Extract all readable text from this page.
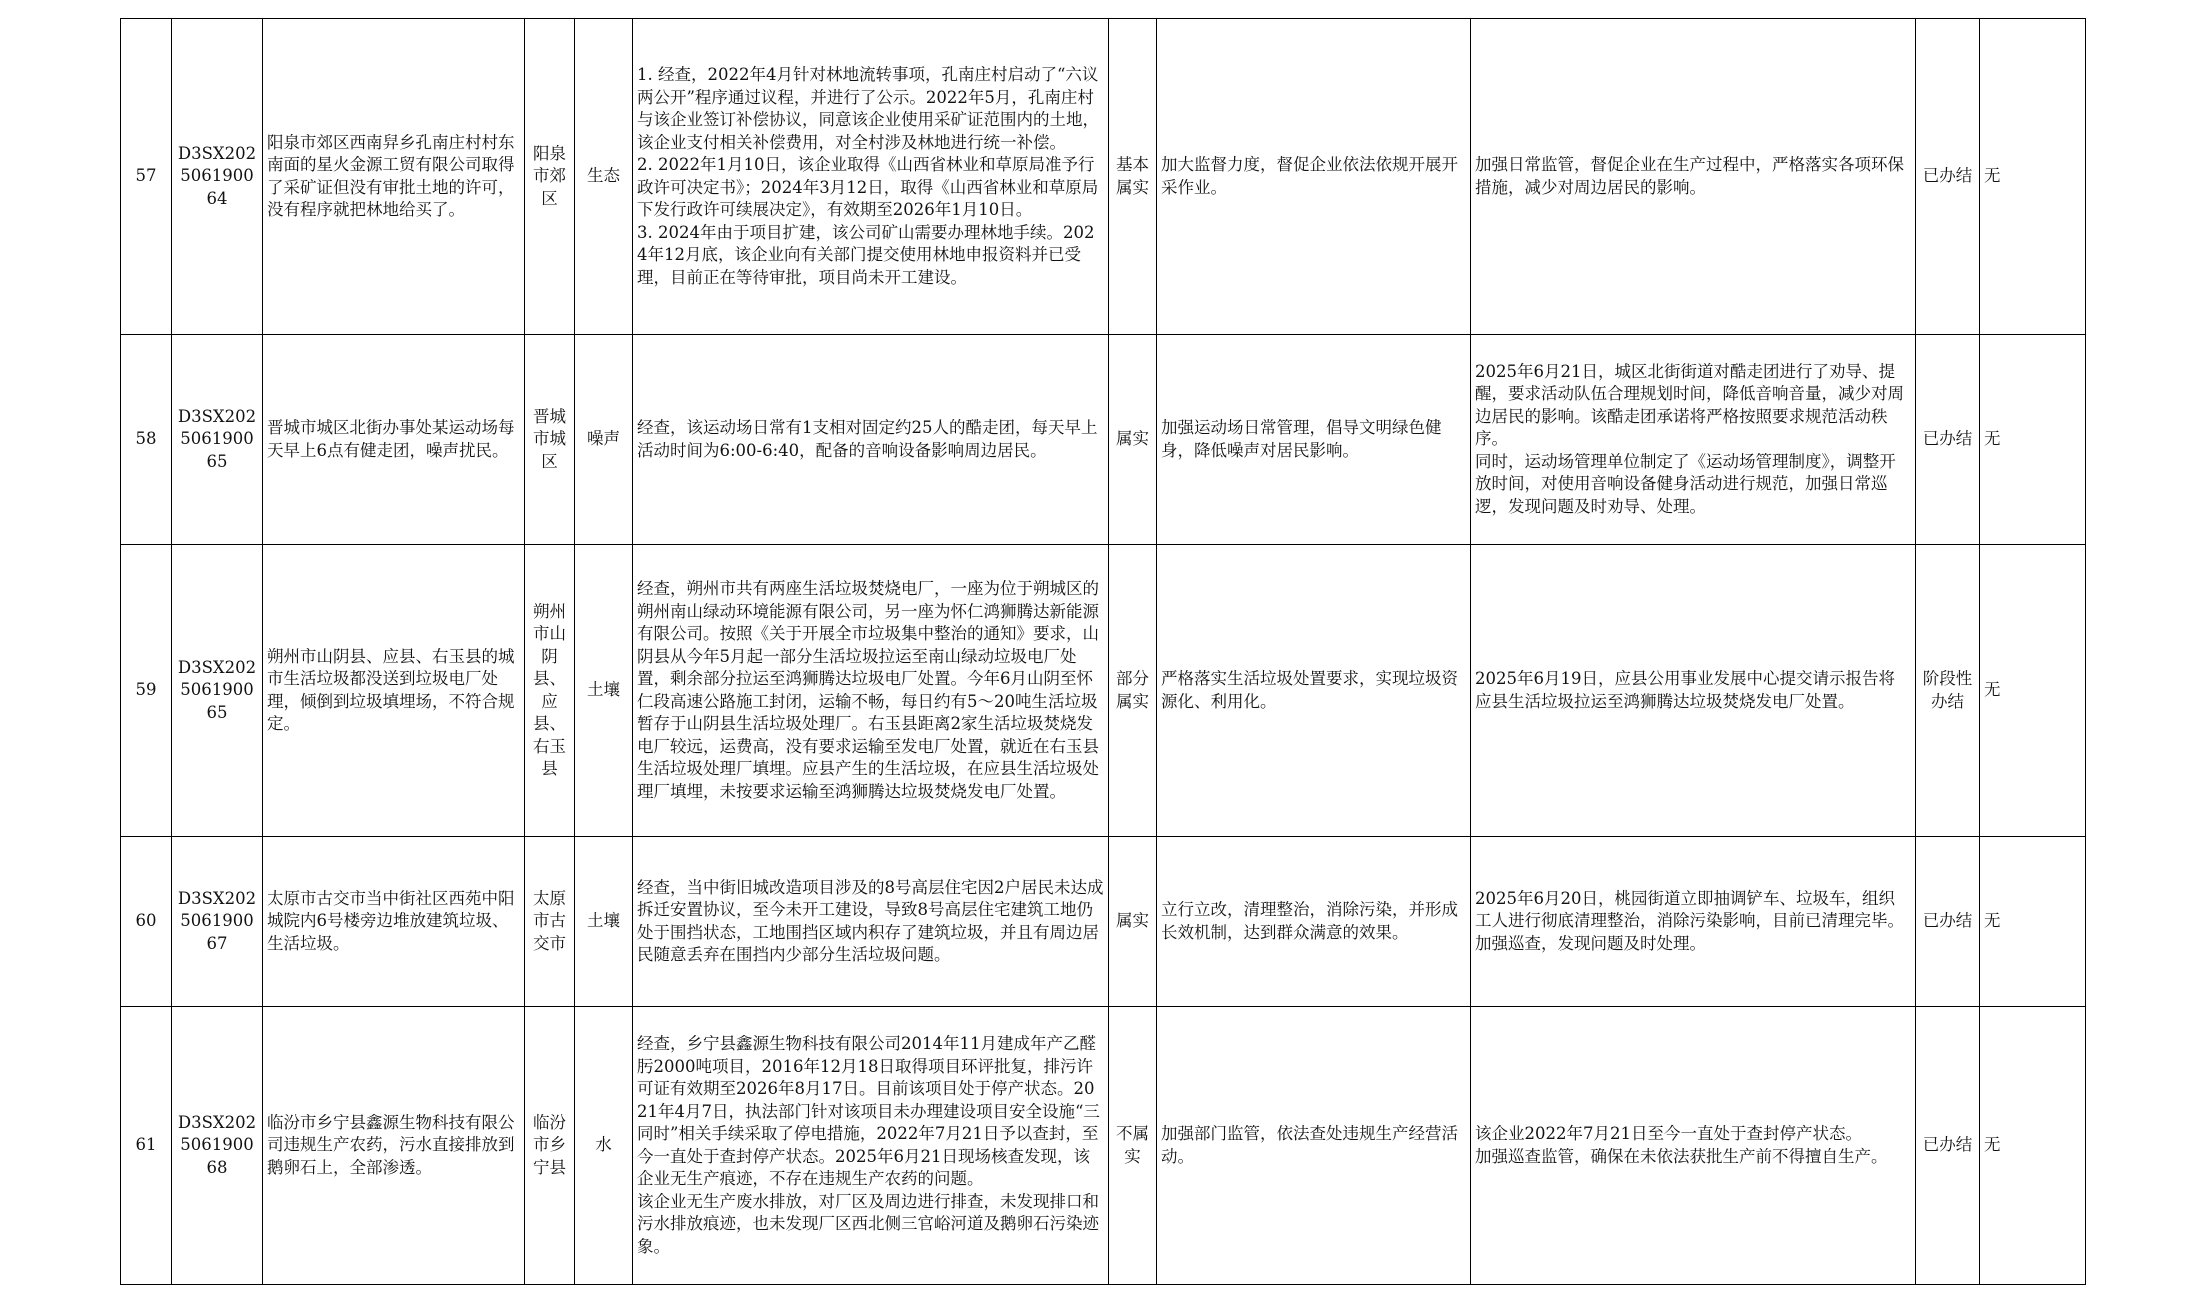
57	D3SX2025061900 64	阳泉市郊区西南舁乡孔南庄村村东南面的星火金源工贸有限公司取得了采矿证但没有审批土地的许可，没有程序就把林地给买了。	阳泉市郊区	生态	1. 经查，2022年4月针对林地流转事项，孔南庄村启动了“六议两公开”程序通过议程，并进行了公示。2022年5月，孔南庄村与该企业签订补偿协议，同意该企业使用采矿证范围内的土地，该企业支付相关补偿费用，对全村涉及林地进行统一补偿。
2. 2022年1月10日，该企业取得《山西省林业和草原局准予行政许可决定书》；2024年3月12日，取得《山西省林业和草原局下发行政许可续展决定》，有效期至2026年1月10日。
3. 2024年由于项目扩建，该公司矿山需要办理林地手续。2024年12月底，该企业向有关部门提交使用林地申报资料并已受理，目前正在等待审批，项目尚未开工建设。	基本属实	加大监督力度，督促企业依法依规开展开采作业。	加强日常监管，督促企业在生产过程中，严格落实各项环保措施，减少对周边居民的影响。	已办结	无
58	D3SX2025061900 65	晋城市城区北街办事处某运动场每天早上6点有健走团，噪声扰民。	晋城市城区	噪声	经查，该运动场日常有1支相对固定约25人的酷走团，每天早上活动时间为6:00-6:40，配备的音响设备影响周边居民。	属实	加强运动场日常管理，倡导文明绿色健身，降低噪声对居民影响。	2025年6月21日，城区北街街道对酷走团进行了劝导、提醒，要求活动队伍合理规划时间，降低音响音量，减少对周边居民的影响。该酷走团承诺将严格按照要求规范活动秩序。
同时，运动场管理单位制定了《运动场管理制度》，调整开放时间，对使用音响设备健身活动进行规范，加强日常巡逻，发现问题及时劝导、处理。	已办结	无
59	D3SX2025061900 65	朔州市山阴县、应县、右玉县的城市生活垃圾都没送到垃圾电厂处理，倾倒到垃圾填埋场，不符合规定。	朔州市山阴县、应县、右玉县	土壤	经查，朔州市共有两座生活垃圾焚烧电厂，一座为位于朔城区的朔州南山绿动环境能源有限公司，另一座为怀仁鸿狮腾达新能源有限公司。按照《关于开展全市垃圾集中整治的通知》要求，山阴县从今年5月起一部分生活垃圾拉运至南山绿动垃圾电厂处置，剩余部分拉运至鸿狮腾达垃圾电厂处置。今年6月山阴至怀仁段高速公路施工封闭，运输不畅，每日约有5～20吨生活垃圾暂存于山阴县生活垃圾处理厂。右玉县距离2家生活垃圾焚烧发电厂较远，运费高，没有要求运输至发电厂处置，就近在右玉县生活垃圾处理厂填埋。应县产生的生活垃圾，在应县生活垃圾处理厂填埋，未按要求运输至鸿狮腾达垃圾焚烧发电厂处置。	部分属实	严格落实生活垃圾处置要求，实现垃圾资源化、利用化。	2025年6月19日，应县公用事业发展中心提交请示报告将应县生活垃圾拉运至鸿狮腾达垃圾焚烧发电厂处置。	阶段性办结	无
60	D3SX2025061900 67	太原市古交市当中街社区西苑中阳城院内6号楼旁边堆放建筑垃圾、生活垃圾。	太原市古交市	土壤	经查，当中街旧城改造项目涉及的8号高层住宅因2户居民未达成拆迁安置协议，至今未开工建设，导致8号高层住宅建筑工地仍处于围挡状态，工地围挡区域内积存了建筑垃圾，并且有周边居民随意丢弃在围挡内少部分生活垃圾问题。	属实	立行立改，清理整治，消除污染，并形成长效机制，达到群众满意的效果。	2025年6月20日，桃园街道立即抽调铲车、垃圾车，组织工人进行彻底清理整治，消除污染影响，目前已清理完毕。加强巡查，发现问题及时处理。	已办结	无
61	D3SX2025061900 68	临汾市乡宁县鑫源生物科技有限公司违规生产农药，污水直接排放到鹅卵石上，全部渗透。	临汾市乡宁县	水	经查，乡宁县鑫源生物科技有限公司2014年11月建成年产乙醛肟2000吨项目，2016年12月18日取得项目环评批复，排污许可证有效期至2026年8月17日。目前该项目处于停产状态。2021年4月7日，执法部门针对该项目未办理建设项目安全设施“三同时”相关手续采取了停电措施，2022年7月21日予以查封，至今一直处于查封停产状态。2025年6月21日现场核查发现，该企业无生产痕迹，不存在违规生产农药的问题。
该企业无生产废水排放，对厂区及周边进行排查，未发现排口和污水排放痕迹，也未发现厂区西北侧三官峪河道及鹅卵石污染迹象。	不属实	加强部门监管，依法查处违规生产经营活动。	该企业2022年7月21日至今一直处于查封停产状态。
加强巡查监管，确保在未依法获批生产前不得擅自生产。	已办结	无
